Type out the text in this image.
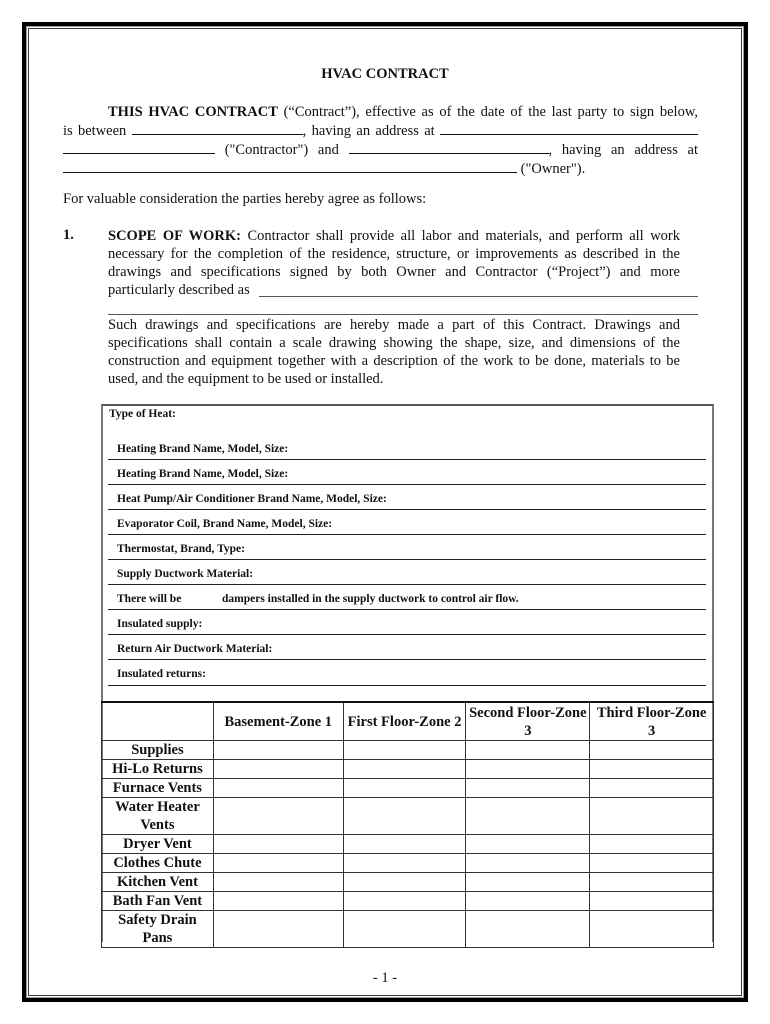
HVAC CONTRACT
THIS HVAC CONTRACT (“Contract”), effective as of the date of the last party to sign below,
is between	, having an address at
("Contractor") and	, having an address at
("Owner").
For valuable consideration the parties hereby agree as follows:
1. SCOPE OF WORK: Contractor shall provide all labor and materials, and perform all work
necessary for the completion of the residence, structure, or improvements as described in the
drawings and specifications signed by both Owner and Contractor (“Project”) and more
particularly described as
Such drawings and specifications are hereby made a part of this Contract. Drawings and
specifications shall contain a scale drawing showing the shape, size, and dimensions of the
construction and equipment together with a description of the work to be done, materials to be
used, and the equipment to be used or installed.
Type of Heat:
Heating Brand Name, Model, Size:
Heating Brand Name, Model, Size:
Heat Pump/Air Conditioner Brand Name, Model, Size:
Evaporator Coil, Brand Name, Model, Size:
Thermostat, Brand, Type:
Supply Ductwork Material:
There will be	dampers installed in the supply ductwork to control air flow.
Insulated supply:
Return Air Ductwork Material:
Insulated returns:
	Basement-Zone 1	First Floor-Zone 2	Second Floor-Zone 3	Third Floor-Zone 3
Supplies				
Hi-Lo Returns				
Furnace Vents				
Water Heater Vents				
Dryer Vent				
Clothes Chute				
Kitchen Vent				
Bath Fan Vent				
Safety Drain Pans				
- 1 -
